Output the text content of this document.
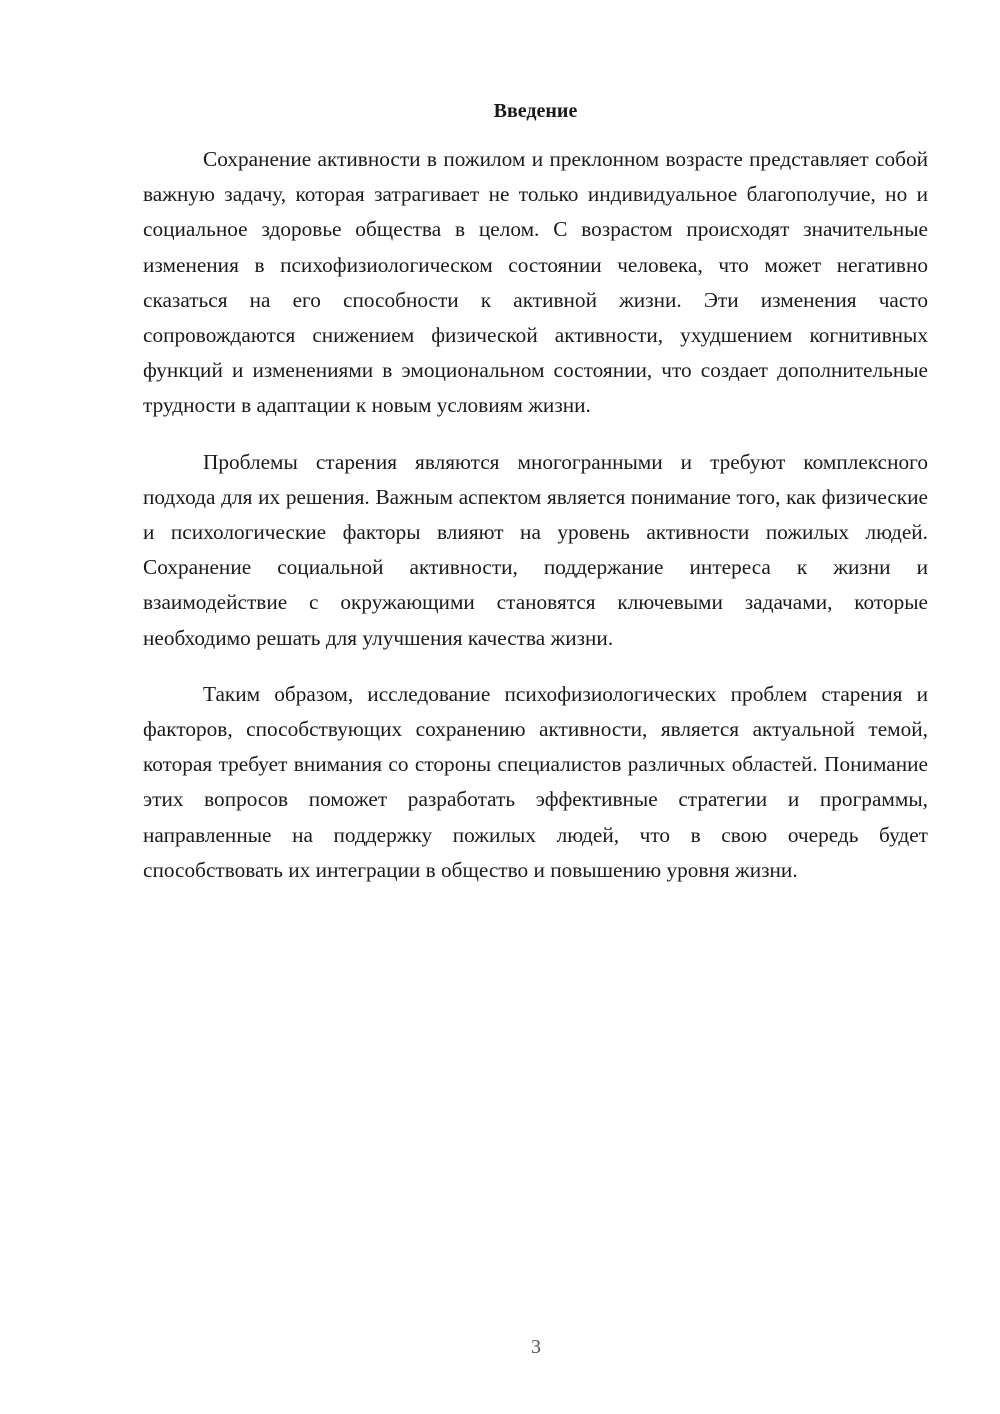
Введение

Сохранение активности в пожилом и преклонном возрасте представляет собой важную задачу, которая затрагивает не только индивидуальное благополучие, но и социальное здоровье общества в целом. С возрастом происходят значительные изменения в психофизиологическом состоянии человека, что может негативно сказаться на его способности к активной жизни. Эти изменения часто сопровождаются снижением физической активности, ухудшением когнитивных функций и изменениями в эмоциональном состоянии, что создает дополнительные трудности в адаптации к новым условиям жизни.

Проблемы старения являются многогранными и требуют комплексного подхода для их решения. Важным аспектом является понимание того, как физические и психологические факторы влияют на уровень активности пожилых людей. Сохранение социальной активности, поддержание интереса к жизни и взаимодействие с окружающими становятся ключевыми задачами, которые необходимо решать для улучшения качества жизни.

Таким образом, исследование психофизиологических проблем старения и факторов, способствующих сохранению активности, является актуальной темой, которая требует внимания со стороны специалистов различных областей. Понимание этих вопросов поможет разработать эффективные стратегии и программы, направленные на поддержку пожилых людей, что в свою очередь будет способствовать их интеграции в общество и повышению уровня жизни.

3
